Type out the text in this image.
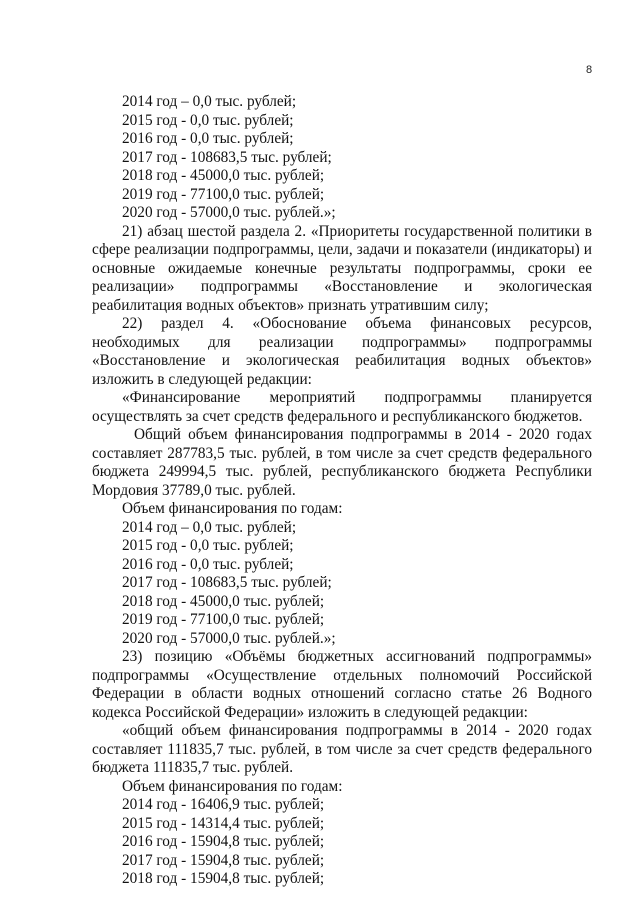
8
2014 год – 0,0 тыс. рублей;
2015 год - 0,0 тыс. рублей;
2016 год - 0,0 тыс. рублей;
2017 год - 108683,5 тыс. рублей;
2018 год - 45000,0 тыс. рублей;
2019 год - 77100,0 тыс. рублей;
2020 год - 57000,0 тыс. рублей.»;
21) абзац шестой раздела 2. «Приоритеты государственной политики в сфере реализации подпрограммы, цели, задачи и показатели (индикаторы) и основные ожидаемые конечные результаты подпрограммы, сроки ее реализации» подпрограммы «Восстановление и экологическая реабилитация водных объектов» признать утратившим силу;
22) раздел 4. «Обоснование объема финансовых ресурсов, необходимых для реализации подпрограммы» подпрограммы «Восстановление и экологическая реабилитация водных объектов» изложить в следующей редакции:
«Финансирование мероприятий подпрограммы планируется осуществлять за счет средств федерального и республиканского бюджетов.
Общий объем финансирования подпрограммы в 2014 - 2020 годах составляет 287783,5 тыс. рублей, в том числе за счет средств федерального бюджета 249994,5 тыс. рублей, республиканского бюджета Республики Мордовия 37789,0 тыс. рублей.
Объем финансирования по годам:
2014 год – 0,0 тыс. рублей;
2015 год - 0,0 тыс. рублей;
2016 год - 0,0 тыс. рублей;
2017 год - 108683,5 тыс. рублей;
2018 год - 45000,0 тыс. рублей;
2019 год - 77100,0 тыс. рублей;
2020 год - 57000,0 тыс. рублей.»;
23) позицию «Объёмы бюджетных ассигнований подпрограммы» подпрограммы «Осуществление отдельных полномочий Российской Федерации в области водных отношений согласно статье 26 Водного кодекса Российской Федерации» изложить в следующей редакции:
«общий объем финансирования подпрограммы в 2014 - 2020 годах составляет 111835,7 тыс. рублей, в том числе за счет средств федерального бюджета 111835,7 тыс. рублей.
Объем финансирования по годам:
2014 год - 16406,9 тыс. рублей;
2015 год - 14314,4 тыс. рублей;
2016 год - 15904,8 тыс. рублей;
2017 год - 15904,8 тыс. рублей;
2018 год - 15904,8 тыс. рублей;
